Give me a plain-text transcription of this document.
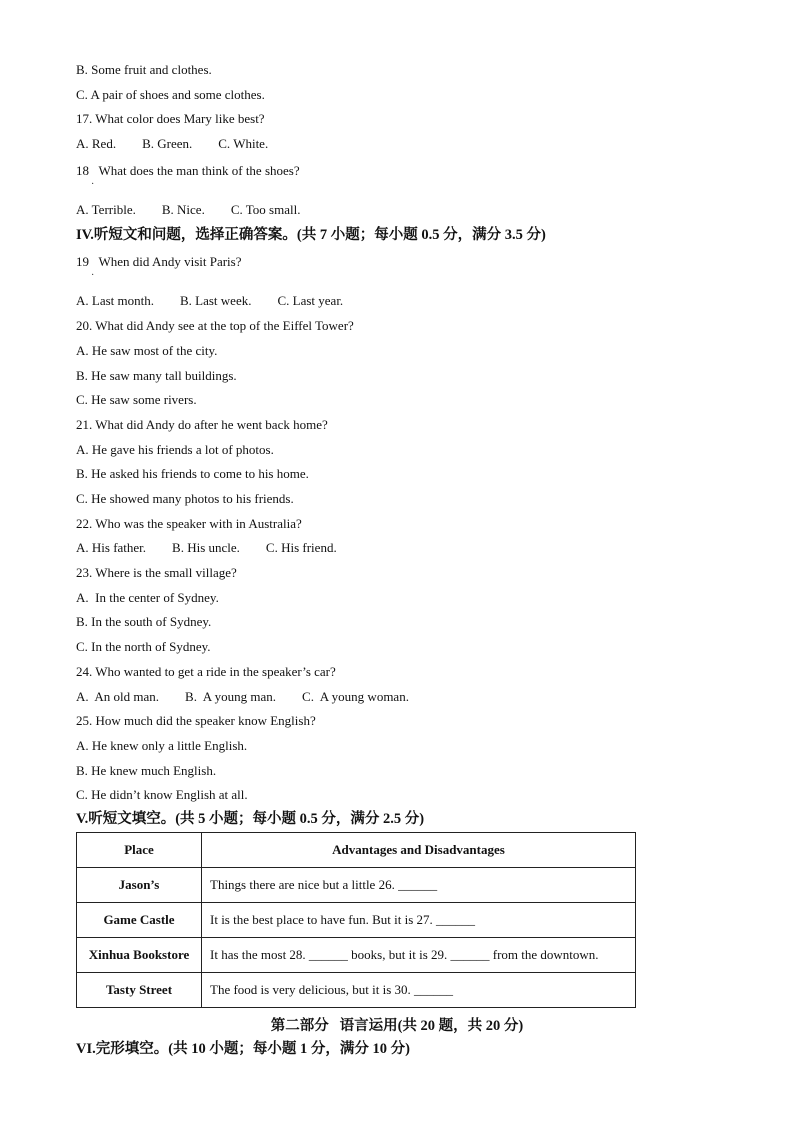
B. Some fruit and clothes.
C. A pair of shoes and some clothes.
17. What color does Mary like best?
A. Red.        B. Green.        C. White.
18   What does the man think of the shoes?
·
A. Terrible.        B. Nice.        C. Too small.
IV.听短文和问题，选择正确答案。(共 7 小题；每小题 0.5 分，满分 3.5 分)
19   When did Andy visit Paris?
·
A. Last month.        B. Last week.        C. Last year.
20. What did Andy see at the top of the Eiffel Tower?
A. He saw most of the city.
B. He saw many tall buildings.
C. He saw some rivers.
21. What did Andy do after he went back home?
A. He gave his friends a lot of photos.
B. He asked his friends to come to his home.
C. He showed many photos to his friends.
22. Who was the speaker with in Australia?
A. His father.        B. His uncle.        C. His friend.
23. Where is the small village?
A.  In the center of Sydney.
B. In the south of Sydney.
C. In the north of Sydney.
24. Who wanted to get a ride in the speaker’s car?
A.  An old man.        B.  A young man.        C.  A young woman.
25. How much did the speaker know English?
A. He knew only a little English.
B. He knew much English.
C. He didn’t know English at all.
V.听短文填空。(共 5 小题；每小题 0.5 分，满分 2.5 分)
Place	Advantages and Disadvantages
Jason’s	Things there are nice but a little 26. ______
Game Castle	It is the best place to have fun. But it is 27. ______
Xinhua Bookstore	It has the most 28. ______ books, but it is 29. ______ from the downtown.
Tasty Street	The food is very delicious, but it is 30. ______
第二部分   语言运用(共 20 题，共 20 分)
VI.完形填空。(共 10 小题；每小题 1 分，满分 10 分)
